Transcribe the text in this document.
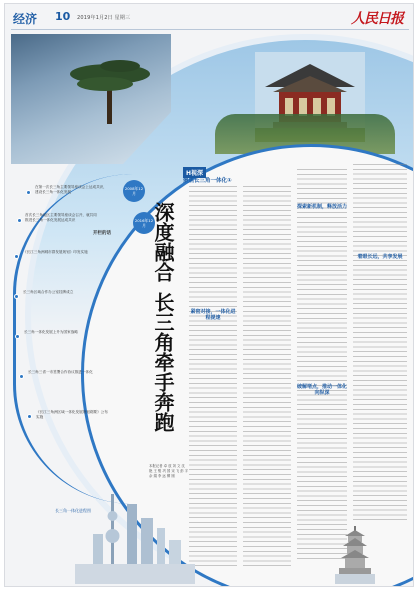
经济 10 2019年1月2日 星期三	人民日报
在第一次长三角主要领导座谈会上达成共识，建设长三角一体化发展
2008年12月
首次长三角地区主要领导座谈会召开，就共同推进长三角一体化发展达成共识	2016年12月
《长江三角洲城市群发展规划》印发实施
长三角区域合作办公室挂牌成立
长三角一体化发展上升为国家战略
长三角三省一市签署合作协议推进一体化
《长江三角洲区域一体化发展规划纲要》公布实施
长三角一体化进程图
开栏的话
H视深
聚焦长三角一体化①
深度融合
长三角牵手奔跑
本报记者 卓 放 刘 文 沈 艳 王 骏 巩 国 宋 飞 彭 宇 余 娟 李 远 柳 刚
紧密对接，一体化进程提速
探索新机制，释放活力
破解堵点，推动一体化向纵深
着眼长远，共享发展
